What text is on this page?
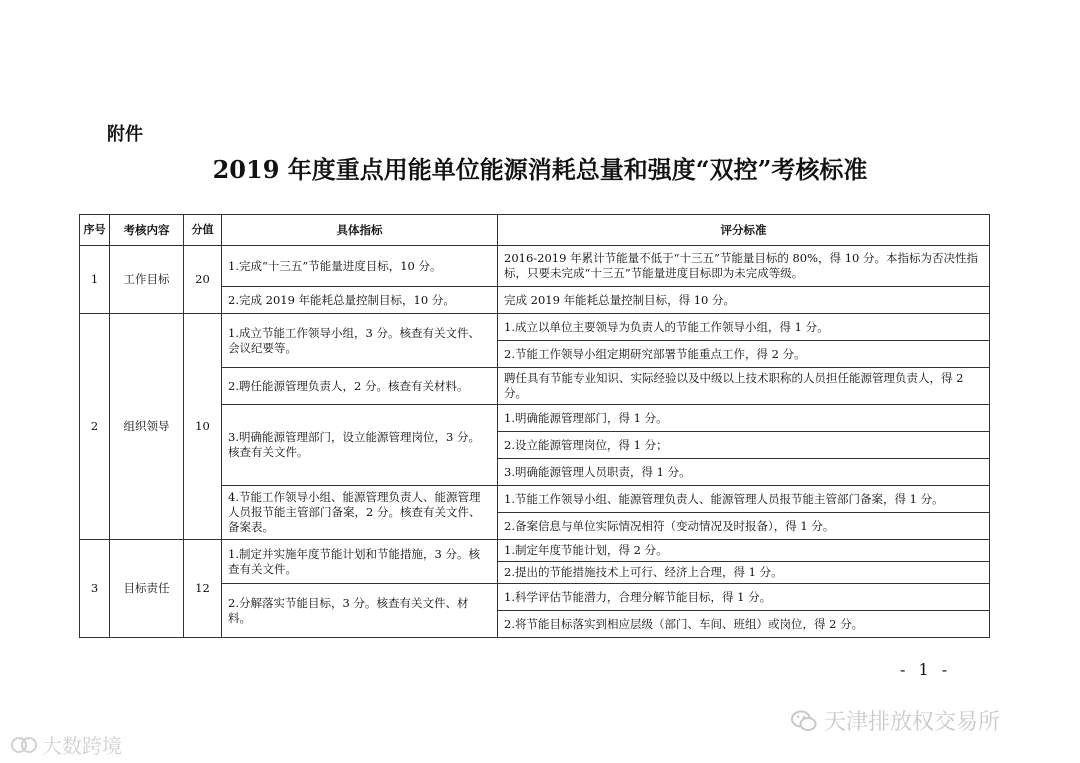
附件
2019 年度重点用能单位能源消耗总量和强度“双控”考核标准
序号	考核内容	分值	具体指标	评分标准
1	工作目标	20	1.完成“十三五”节能量进度目标，10 分。	2016-2019 年累计节能量不低于“十三五”节能量目标的 80%，得 10 分。本指标为否决性指标，只要未完成“十三五”节能量进度目标即为未完成等级。
			2.完成 2019 年能耗总量控制目标，10 分。	完成 2019 年能耗总量控制目标，得 10 分。
2	组织领导	10	1.成立节能工作领导小组，3 分。核查有关文件、会议纪要等。	1.成立以单位主要领导为负责人的节能工作领导小组，得 1 分。
				2.节能工作领导小组定期研究部署节能重点工作，得 2 分。
			2.聘任能源管理负责人，2 分。核查有关材料。	聘任具有节能专业知识、实际经验以及中级以上技术职称的人员担任能源管理负责人，得 2 分。
			3.明确能源管理部门，设立能源管理岗位，3 分。核查有关文件。	1.明确能源管理部门，得 1 分。
				2.设立能源管理岗位，得 1 分；
				3.明确能源管理人员职责，得 1 分。
			4.节能工作领导小组、能源管理负责人、能源管理人员报节能主管部门备案，2 分。核查有关文件、备案表。	1.节能工作领导小组、能源管理负责人、能源管理人员报节能主管部门备案，得 1 分。
				2.备案信息与单位实际情况相符（变动情况及时报备），得 1 分。
3	目标责任	12	1.制定并实施年度节能计划和节能措施，3 分。核查有关文件。	1.制定年度节能计划，得 2 分。
				2.提出的节能措施技术上可行、经济上合理，得 1 分。
			2.分解落实节能目标，3 分。核查有关文件、材料。	1.科学评估节能潜力，合理分解节能目标，得 1 分。
				2.将节能目标落实到相应层级（部门、车间、班组）或岗位，得 2 分。
- 1 -
天津排放权交易所
大数跨境
